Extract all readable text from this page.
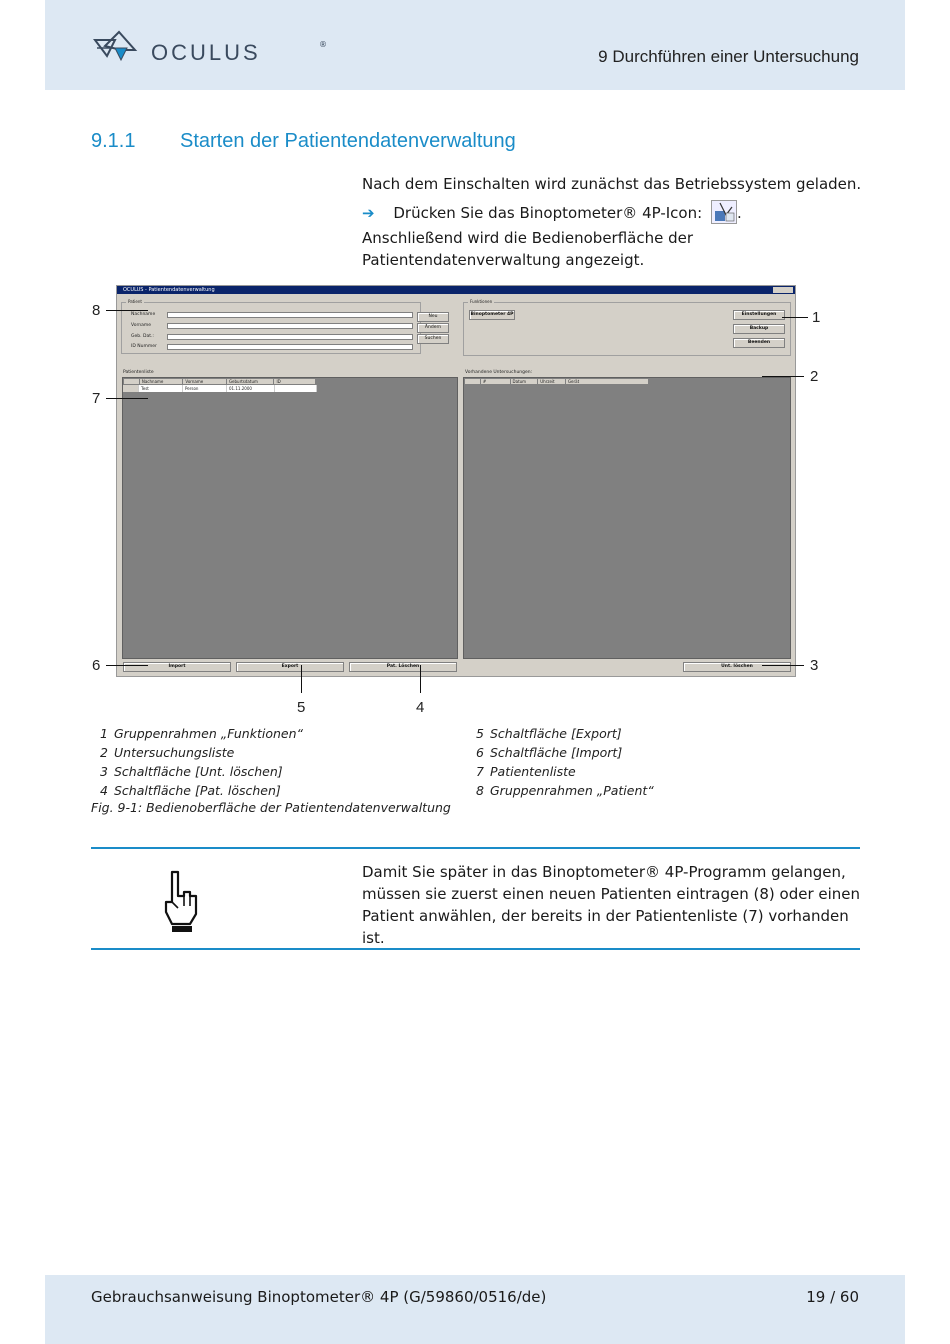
OCULUS	®
9 Durchführen einer Untersuchung
9.1.1 Starten der Patientendatenverwaltung
Nach dem Einschalten wird zunächst das Betriebssystem geladen.
➔ Drücken Sie das Binoptometer® 4P-Icon: .
Anschließend wird die Bedienoberfläche der Patientendatenverwaltung angezeigt.
OCULUS - Patientendatenverwaltung
Patient
Nachname
Vorname
Geb. Dat.:
ID Nummer
Neu
Ändern
Suchen
Funktionen
Binoptometer 4P	Einstellungen
Backup
Beenden
Patientenliste
Nachname	Vorname	Geburtsdatum	ID
Test	Person	01.11.2000
Vorhandene Untersuchungen:
#	Datum	Uhrzeit	Gerät
Import	Export	Pat. Löschen	Unt. löschen
1
2
3
4
5
6
7
8
1 Gruppenrahmen „Funktionen“
2 Untersuchungsliste
3 Schaltfläche [Unt. löschen]
4 Schaltfläche [Pat. löschen]
5 Schaltfläche [Export]
6 Schaltfläche [Import]
7 Patientenliste
8 Gruppenrahmen „Patient“
Fig. 9-1: Bedienoberfläche der Patientendatenverwaltung
Damit Sie später in das Binoptometer® 4P-Programm gelangen, müssen sie zuerst einen neuen Patienten eintragen (8) oder einen Patient anwählen, der bereits in der Patientenliste (7) vorhanden ist.
Gebrauchsanweisung Binoptometer® 4P (G/59860/0516/de)	19 / 60
